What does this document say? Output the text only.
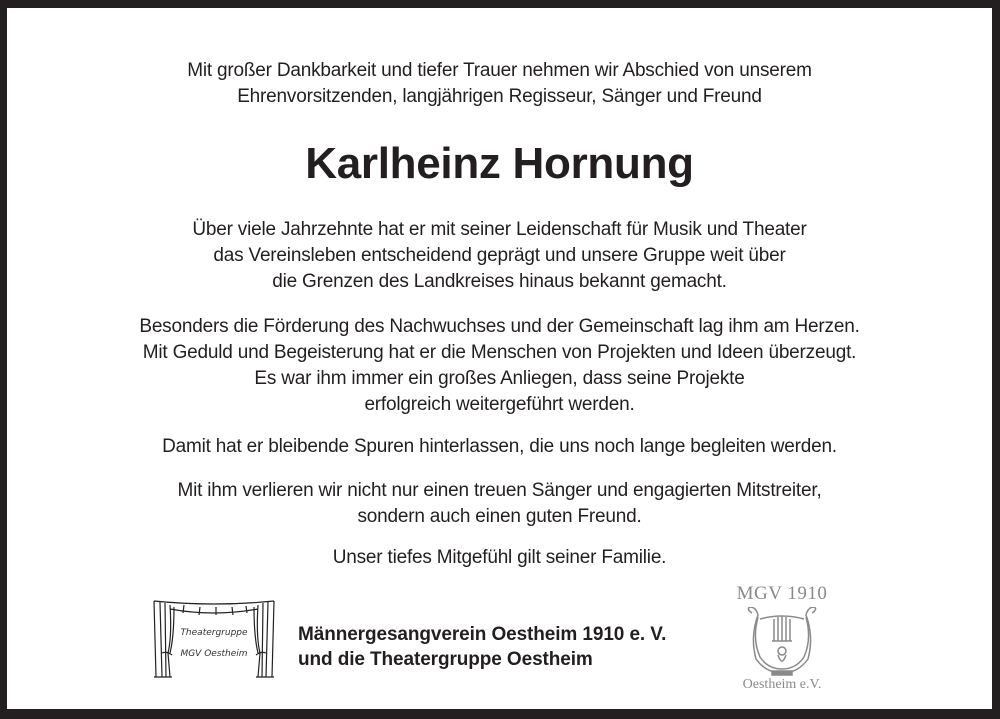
Mit großer Dankbarkeit und tiefer Trauer nehmen wir Abschied von unserem
Ehrenvorsitzenden, langjährigen Regisseur, Sänger und Freund
Karlheinz Hornung
Über viele Jahrzehnte hat er mit seiner Leidenschaft für Musik und Theater
das Vereinsleben entscheidend geprägt und unsere Gruppe weit über
die Grenzen des Landkreises hinaus bekannt gemacht.
Besonders die Förderung des Nachwuchses und der Gemeinschaft lag ihm am Herzen.
Mit Geduld und Begeisterung hat er die Menschen von Projekten und Ideen überzeugt.
Es war ihm immer ein großes Anliegen, dass seine Projekte
erfolgreich weitergeführt werden.
Damit hat er bleibende Spuren hinterlassen, die uns noch lange begleiten werden.
Mit ihm verlieren wir nicht nur einen treuen Sänger und engagierten Mitstreiter,
sondern auch einen guten Freund.
Unser tiefes Mitgefühl gilt seiner Familie.
Theatergruppe
MGV Oestheim
Männergesangverein Oestheim 1910 e. V.
und die Theatergruppe Oestheim
MGV 1910
Oestheim e.V.
